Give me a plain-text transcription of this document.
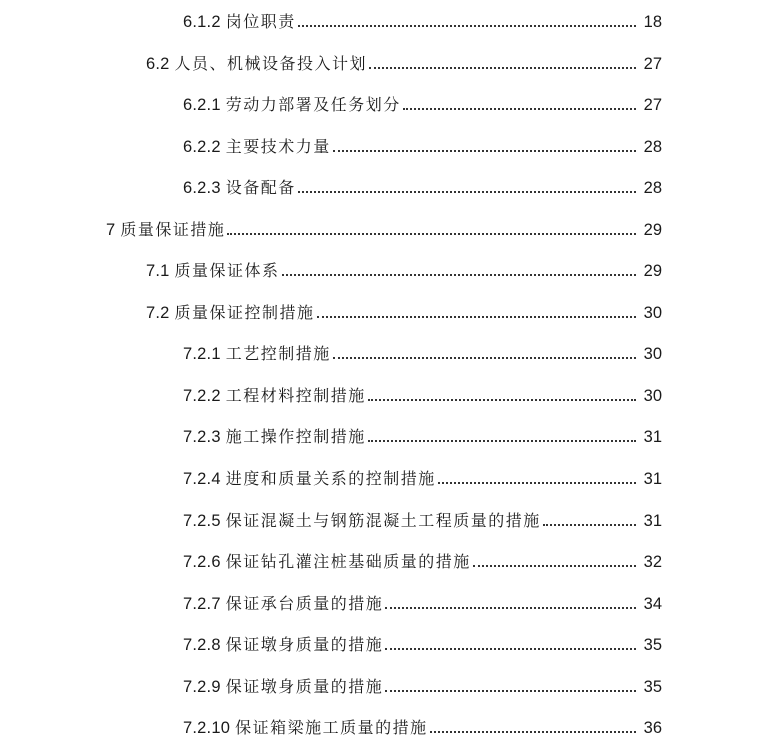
6.1.2 岗位职责	18
6.2 人员、机械设备投入计划	27
6.2.1 劳动力部署及任务划分	27
6.2.2 主要技术力量	28
6.2.3 设备配备	28
7 质量保证措施	29
7.1 质量保证体系	29
7.2 质量保证控制措施	30
7.2.1 工艺控制措施	30
7.2.2 工程材料控制措施	30
7.2.3 施工操作控制措施	31
7.2.4 进度和质量关系的控制措施	31
7.2.5 保证混凝土与钢筋混凝土工程质量的措施	31
7.2.6 保证钻孔灌注桩基础质量的措施	32
7.2.7 保证承台质量的措施	34
7.2.8 保证墩身质量的措施	35
7.2.9 保证墩身质量的措施	35
7.2.10 保证箱梁施工质量的措施	36
